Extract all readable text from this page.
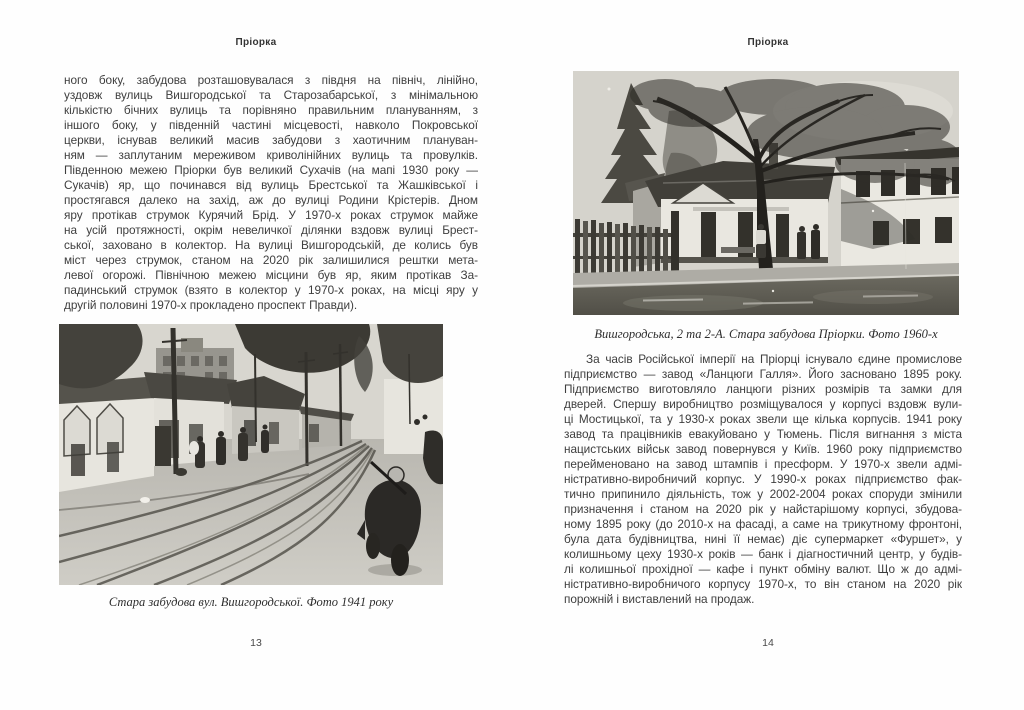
Пріорка
ного боку, забудова розташовувалася з півдня на північ, лінійно,
уздовж вулиць Вишгородської та Старозабарської, з мінімальною
кількістю бічних вулиць та порівняно правильним плануванням, з
іншого боку, у південній частині місцевості, навколо Покровської
церкви, існував великий масив забудови з хаотичним плануван-
ням — заплутаним мереживом криволінійних вулиць та провулків.
Південною межею Пріорки був великий Сухачів (на мапі 1930 року —
Сукачів) яр, що починався від вулиць Брестської та Жашківської і
простягався далеко на захід, аж до вулиці Родини Крістерів. Дном
яру протікав струмок Курячий Брід. У 1970-х роках струмок майже
на усій протяжності, окрім невеличкої ділянки вздовж вулиці Брест-
ської, заховано в колектор. На вулиці Вишгородській, де колись був
міст через струмок, станом на 2020 рік залишилися рештки мета-
левої огорожі. Північною межею місцини був яр, яким протікав За-
падинський струмок (взято в колектор у 1970-х роках, на місці яру у
другій половині 1970-х прокладено проспект Правди).
Стара забудова вул. Вишгородської. Фото 1941 року
13
Пріорка
Вишгородська, 2 та 2-А. Стара забудова Пріорки. Фото 1960-х
За часів Російської імперії на Пріорці існувало єдине промислове
підприємство — завод «Ланцюги Галля». Його засновано 1895 року.
Підприємство виготовляло ланцюги різних розмірів та замки для
дверей. Спершу виробництво розміщувалося у корпусі вздовж вули-
ці Мостицької, та у 1930-х роках звели ще кілька корпусів. 1941 року
завод та працівників евакуйовано у Тюмень. Після вигнання з міста
нацистських військ завод повернувся у Київ. 1960 року підприємство
перейменовано на завод штампів і пресформ. У 1970-х звели адмі-
ністративно-виробничий корпус. У 1990-х роках підприємство фак-
тично припинило діяльність, тож у 2002-2004 роках споруди змінили
призначення і станом на 2020 рік у найстарішому корпусі, збудова-
ному 1895 року (до 2010-х на фасаді, а саме на трикутному фронтоні,
була дата будівництва, нині її немає) діє супермаркет «Фуршет», у
колишньому цеху 1930-х років — банк і діагностичний центр, у будів-
лі колишньої прохідної — кафе і пункт обміну валют. Що ж до адмі-
ністративно-виробничого корпусу 1970-х, то він станом на 2020 рік
порожній і виставлений на продаж.
14
